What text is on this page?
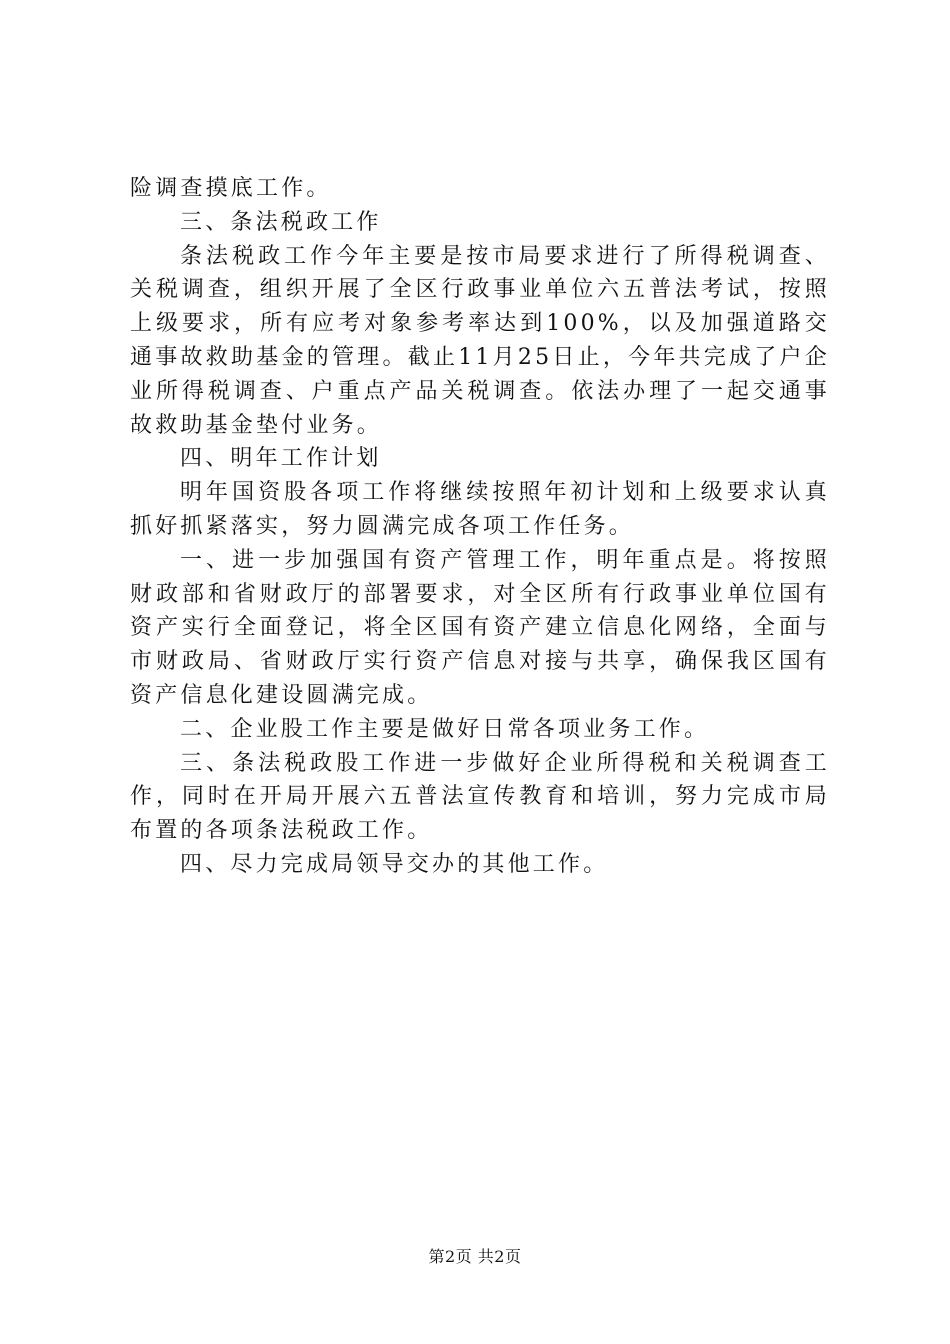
险调查摸底工作。

三、条法税政工作

条法税政工作今年主要是按市局要求进行了所得税调查、关税调查，组织开展了全区行政事业单位六五普法考试，按照上级要求，所有应考对象参考率达到100%，以及加强道路交通事故救助基金的管理。截止11月25日止，今年共完成了户企业所得税调查、户重点产品关税调查。依法办理了一起交通事故救助基金垫付业务。

四、明年工作计划

明年国资股各项工作将继续按照年初计划和上级要求认真抓好抓紧落实，努力圆满完成各项工作任务。

一、进一步加强国有资产管理工作，明年重点是。将按照财政部和省财政厅的部署要求，对全区所有行政事业单位国有资产实行全面登记，将全区国有资产建立信息化网络，全面与市财政局、省财政厅实行资产信息对接与共享，确保我区国有资产信息化建设圆满完成。

二、企业股工作主要是做好日常各项业务工作。

三、条法税政股工作进一步做好企业所得税和关税调查工作，同时在开局开展六五普法宣传教育和培训，努力完成市局布置的各项条法税政工作。

四、尽力完成局领导交办的其他工作。

第2页 共2页
